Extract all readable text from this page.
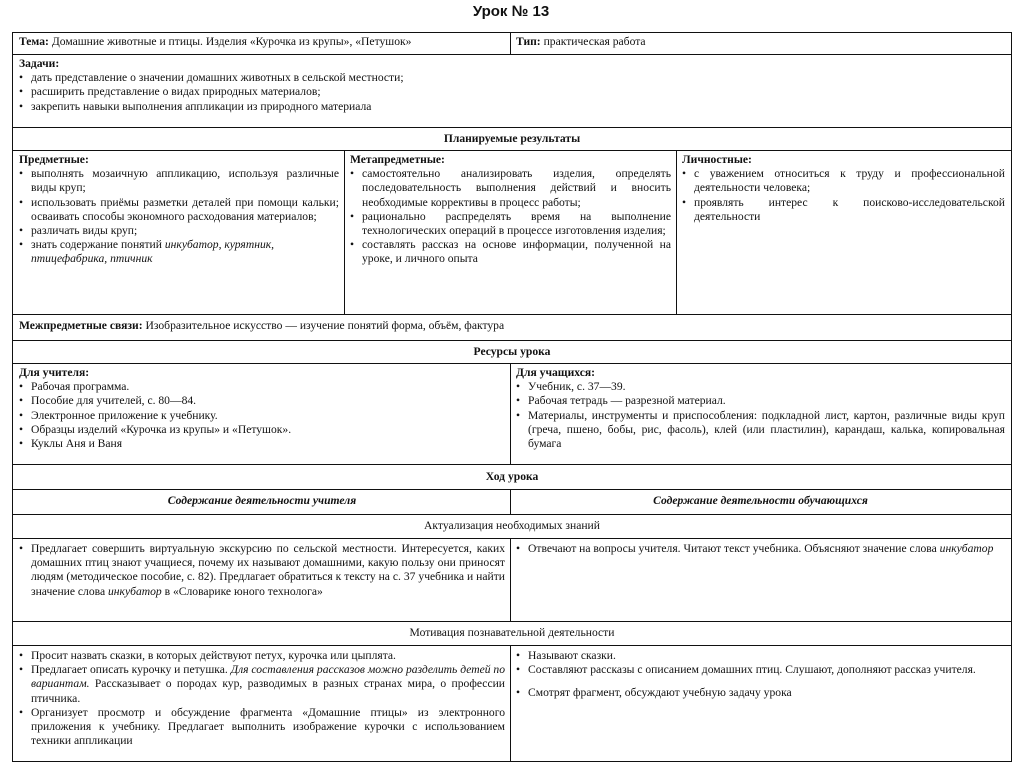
Урок № 13
Тема: Домашние животные и птицы. Изделия «Курочка из крупы», «Петушок»	Тип: практическая работа
Задачи:
• дать представление о значении домашних животных в сельской местности;
• расширить представление о видах природных материалов;
• закрепить навыки выполнения аппликации из природного материала
Планируемые результаты
Предметные:
• выполнять мозаичную аппликацию, используя различные виды круп;
• использовать приёмы разметки деталей при помощи кальки; осваивать способы экономного расходования материалов;
• различать виды круп;
• знать содержание понятий инкубатор, курятник, птицефабрика, птичник
Метапредметные:
• самостоятельно анализировать изделия, определять последовательность выполнения действий и вносить необходимые коррективы в процесс работы;
• рационально распределять время на выполнение технологических операций в процессе изготовления изделия;
• составлять рассказ на основе информации, полученной на уроке, и личного опыта
Личностные:
• с уважением относиться к труду и профессиональной деятельности человека;
• проявлять интерес к поисково-исследовательской деятельности
Межпредметные связи: Изобразительное искусство — изучение понятий форма, объём, фактура
Ресурсы урока
Для учителя:
• Рабочая программа.
• Пособие для учителей, с. 80—84.
• Электронное приложение к учебнику.
• Образцы изделий «Курочка из крупы» и «Петушок».
• Куклы Аня и Ваня
Для учащихся:
• Учебник, с. 37—39.
• Рабочая тетрадь — разрезной материал.
• Материалы, инструменты и приспособления: подкладной лист, картон, различные виды круп (греча, пшено, бобы, рис, фасоль), клей (или пластилин), карандаш, калька, копировальная бумага
Ход урока
Содержание деятельности учителя	Содержание деятельности обучающихся
Актуализация необходимых знаний
• Предлагает совершить виртуальную экскурсию по сельской местности. Интересуется, каких домашних птиц знают учащиеся, почему их называют домашними, какую пользу они приносят людям (методическое пособие, с. 82). Предлагает обратиться к тексту на с. 37 учебника и найти значение слова инкубатор в «Словарике юного технолога»
• Отвечают на вопросы учителя. Читают текст учебника. Объясняют значение слова инкубатор
Мотивация познавательной деятельности
• Просит назвать сказки, в которых действуют петух, курочка или цыплята.
• Предлагает описать курочку и петушка. Для составления рассказов можно разделить детей по вариантам. Рассказывает о породах кур, разводимых в разных странах мира, о профессии птичника.
• Организует просмотр и обсуждение фрагмента «Домашние птицы» из электронного приложения к учебнику. Предлагает выполнить изображение курочки с использованием техники аппликации
• Называют сказки.
• Составляют рассказы с описанием домашних птиц. Слушают, дополняют рассказ учителя.
• Смотрят фрагмент, обсуждают учебную задачу урока
